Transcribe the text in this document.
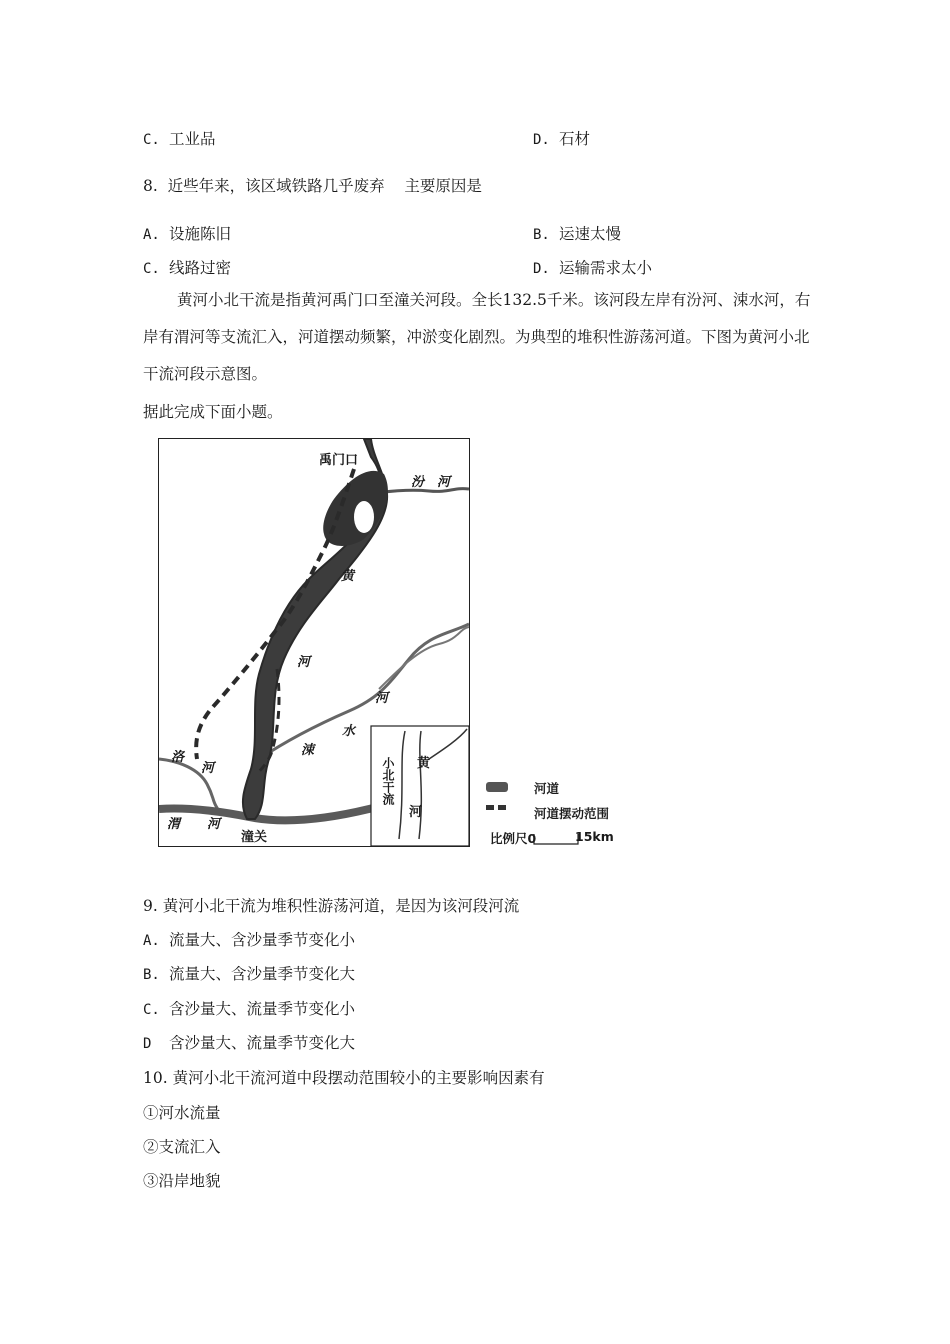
C. 工业品	D. 石材
8.  近些年来，该区域铁路几乎废弃    主要原因是
A. 设施陈旧	B. 运速太慢
C. 线路过密	D. 运输需求太小
黄河小北干流是指黄河禹门口至潼关河段。全长132.5千米。该河段左岸有汾河、涑水河，右岸有渭河等支流汇入，河道摆动频繁，冲淤变化剧烈。为典型的堆积性游荡河道。下图为黄河小北干流河段示意图。
据此完成下面小题。
禹门口
汾 河
黄
河
河
水
涑
洛
河
渭 河
潼关
小北干流 黄
河
河道
河道摆动范围
比例尺0	15km
9. 黄河小北干流为堆积性游荡河道，是因为该河段河流
A. 流量大、含沙量季节变化小
B. 流量大、含沙量季节变化大
C. 含沙量大、流量季节变化小
D 含沙量大、流量季节变化大
10. 黄河小北干流河道中段摆动范围较小的主要影响因素有
①河水流量
②支流汇入
③沿岸地貌
